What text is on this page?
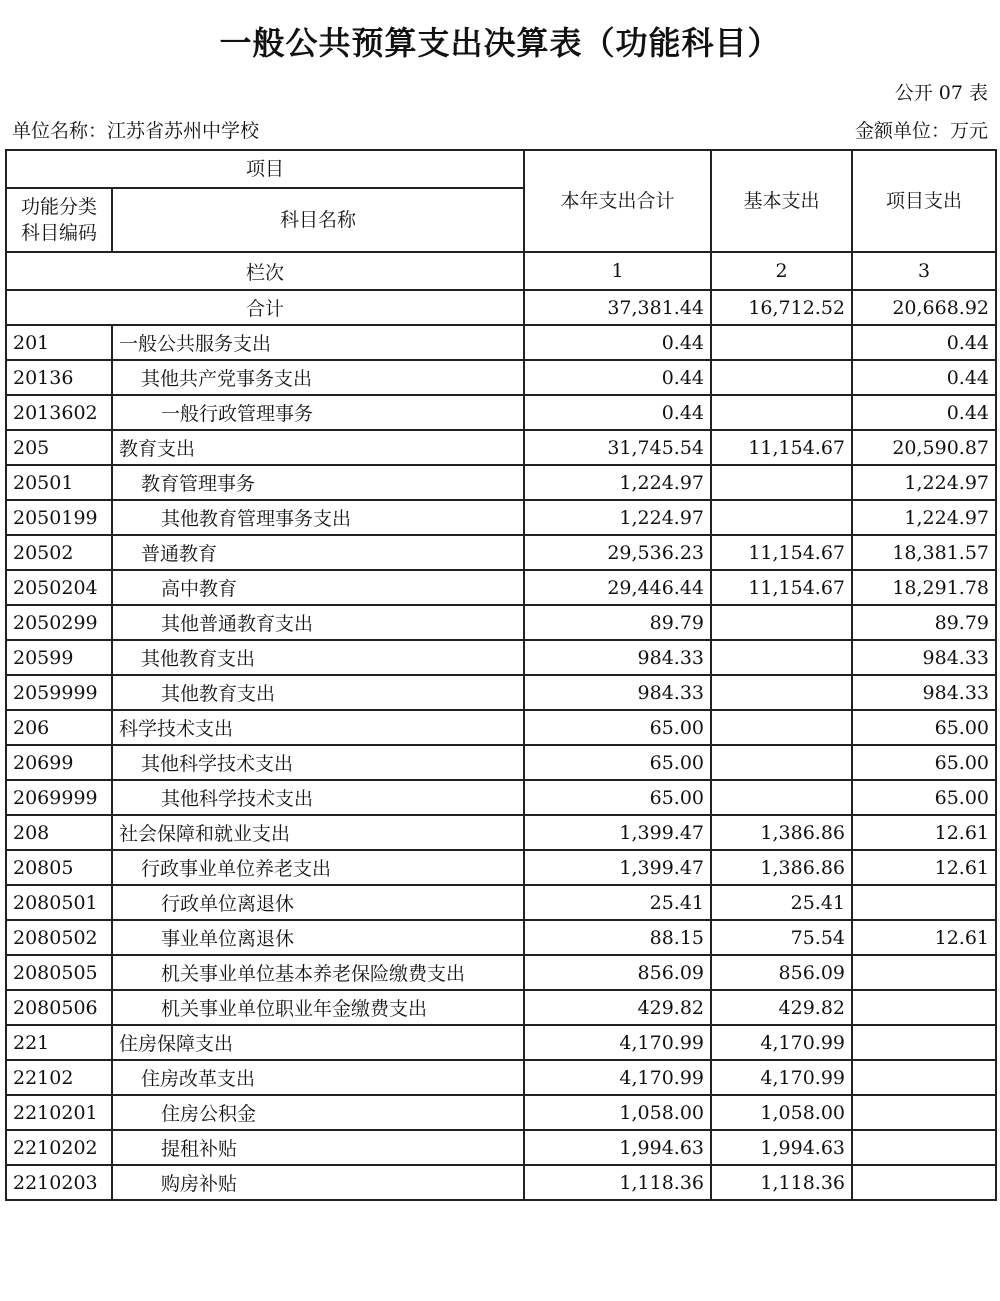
一般公共预算支出决算表（功能科目）
公开 07 表
单位名称：江苏省苏州中学校	金额单位：万元
项目		本年支出合计	基本支出	项目支出
功能分类
科目编码	科目名称			
栏次		1	2	3
合计		37,381.44	16,712.52	20,668.92
201	一般公共服务支出	0.44		0.44
20136	其他共产党事务支出	0.44		0.44
2013602	一般行政管理事务	0.44		0.44
205	教育支出	31,745.54	11,154.67	20,590.87
20501	教育管理事务	1,224.97		1,224.97
2050199	其他教育管理事务支出	1,224.97		1,224.97
20502	普通教育	29,536.23	11,154.67	18,381.57
2050204	高中教育	29,446.44	11,154.67	18,291.78
2050299	其他普通教育支出	89.79		89.79
20599	其他教育支出	984.33		984.33
2059999	其他教育支出	984.33		984.33
206	科学技术支出	65.00		65.00
20699	其他科学技术支出	65.00		65.00
2069999	其他科学技术支出	65.00		65.00
208	社会保障和就业支出	1,399.47	1,386.86	12.61
20805	行政事业单位养老支出	1,399.47	1,386.86	12.61
2080501	行政单位离退休	25.41	25.41	
2080502	事业单位离退休	88.15	75.54	12.61
2080505	机关事业单位基本养老保险缴费支出	856.09	856.09	
2080506	机关事业单位职业年金缴费支出	429.82	429.82	
221	住房保障支出	4,170.99	4,170.99	
22102	住房改革支出	4,170.99	4,170.99	
2210201	住房公积金	1,058.00	1,058.00	
2210202	提租补贴	1,994.63	1,994.63	
2210203	购房补贴	1,118.36	1,118.36	
